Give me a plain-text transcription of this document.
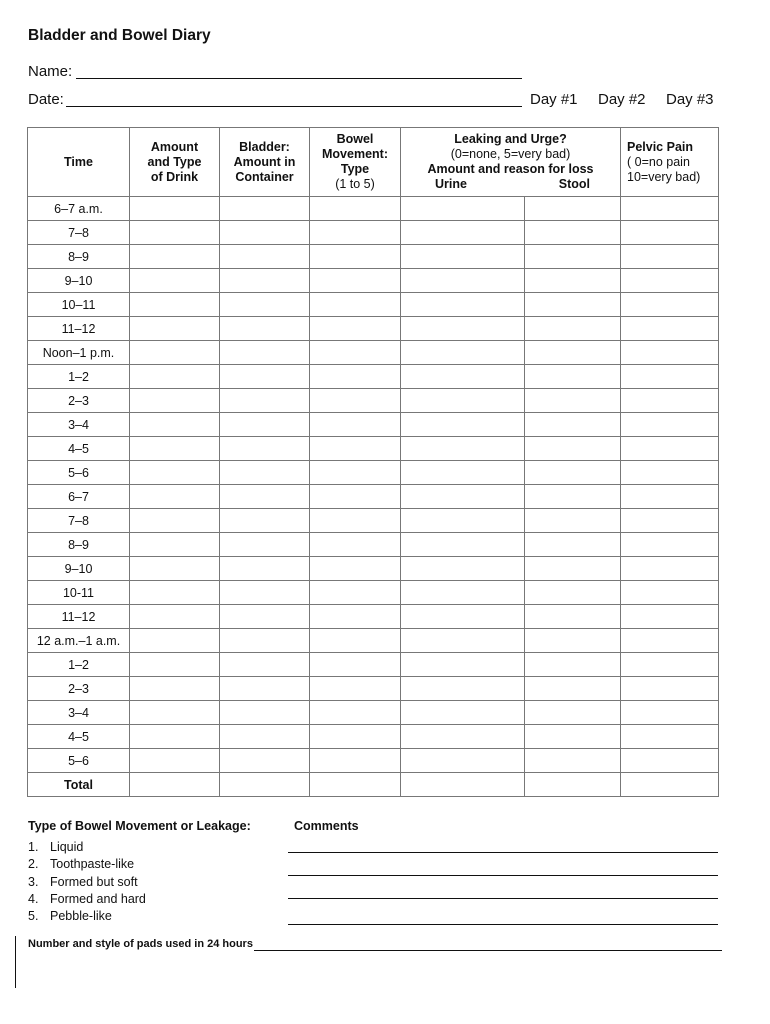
Bladder and Bowel Diary
Name:
Date:	Day #1 Day #2 Day #3
Time	Amount
and Type
of Drink	Bladder:
Amount in
Container	Bowel
Movement:
Type
(1 to 5)	Leaking and Urge?
(0=none, 5=very bad)
Amount and reason for loss
Urine Stool		Pelvic Pain
( 0=no pain
10=very bad)

6–7 a.m.						
7–8						
8–9						
9–10						
10–11						
11–12						
Noon–1 p.m.						
1–2						
2–3						
3–4						
4–5						
5–6						
6–7						
7–8						
8–9						
9–10						
10-11						
11–12						
12 a.m.–1 a.m.						
1–2						
2–3						
3–4						
4–5						
5–6						
Total						
Type of Bowel Movement or Leakage:
1. Liquid
2. Toothpaste-like
3. Formed but soft
4. Formed and hard
5. Pebble-like
Comments
Number and style of pads used in 24 hours
